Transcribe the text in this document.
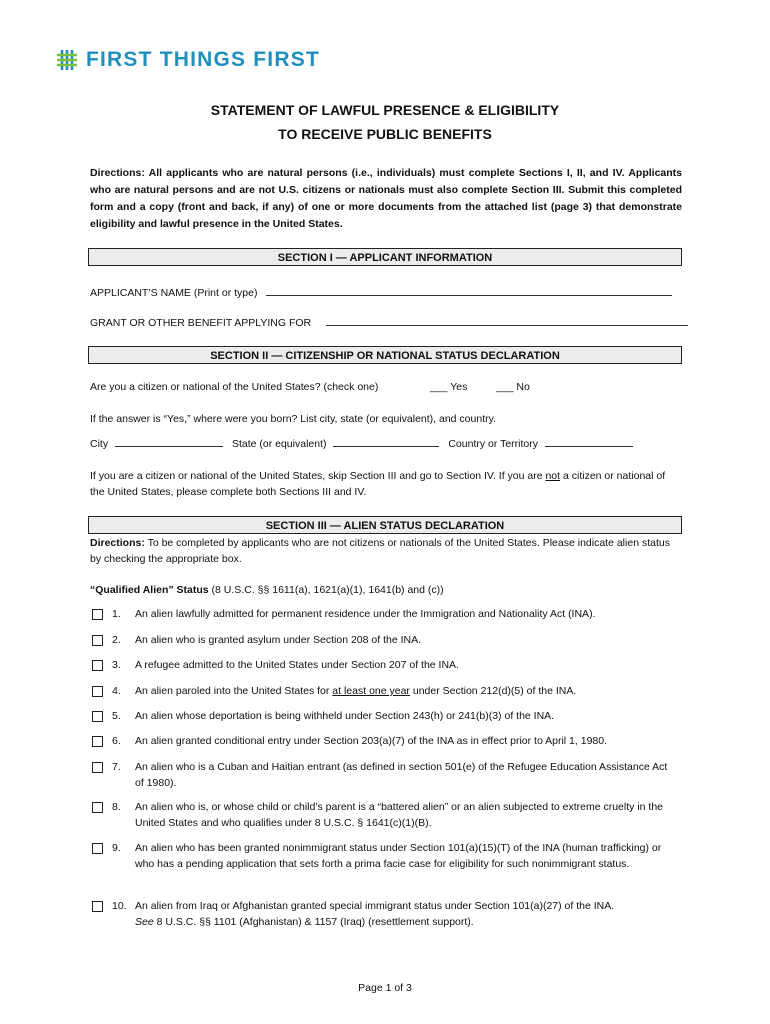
FIRST THINGS FIRST
STATEMENT OF LAWFUL PRESENCE & ELIGIBILITY
TO RECEIVE PUBLIC BENEFITS
Directions: All applicants who are natural persons (i.e., individuals) must complete Sections I, II, and IV. Applicants who are natural persons and are not U.S. citizens or nationals must also complete Section III. Submit this completed form and a copy (front and back, if any) of one or more documents from the attached list (page 3) that demonstrate eligibility and lawful presence in the United States.
SECTION I — APPLICANT INFORMATION
APPLICANT’S NAME (Print or type)
GRANT OR OTHER BENEFIT APPLYING FOR
SECTION II — CITIZENSHIP OR NATIONAL STATUS DECLARATION
Are you a citizen or national of the United States? (check one)	___ Yes	___ No
If the answer is “Yes,” where were you born? List city, state (or equivalent), and country.
City	State (or equivalent)	Country or Territory
If you are a citizen or national of the United States, skip Section III and go to Section IV. If you are not a citizen or national of the United States, please complete both Sections III and IV.
SECTION III — ALIEN STATUS DECLARATION
Directions: To be completed by applicants who are not citizens or nationals of the United States. Please indicate alien status by checking the appropriate box.
“Qualified Alien” Status (8 U.S.C. §§ 1611(a), 1621(a)(1), 1641(b) and (c))
1.	An alien lawfully admitted for permanent residence under the Immigration and Nationality Act (INA).
2.	An alien who is granted asylum under Section 208 of the INA.
3.	A refugee admitted to the United States under Section 207 of the INA.
4.	An alien paroled into the United States for at least one year under Section 212(d)(5) of the INA.
5.	An alien whose deportation is being withheld under Section 243(h) or 241(b)(3) of the INA.
6.	An alien granted conditional entry under Section 203(a)(7) of the INA as in effect prior to April 1, 1980.
7.	An alien who is a Cuban and Haitian entrant (as defined in section 501(e) of the Refugee Education Assistance Act of 1980).
8.	An alien who is, or whose child or child’s parent is a “battered alien” or an alien subjected to extreme cruelty in the United States and who qualifies under 8 U.S.C. § 1641(c)(1)(B).
9.	An alien who has been granted nonimmigrant status under Section 101(a)(15)(T) of the INA (human trafficking) or who has a pending application that sets forth a prima facie case for eligibility for such nonimmigrant status.
10. An alien from Iraq or Afghanistan granted special immigrant status under Section 101(a)(27) of the INA.
See 8 U.S.C. §§ 1101 (Afghanistan) & 1157 (Iraq) (resettlement support).
Page 1 of 3
